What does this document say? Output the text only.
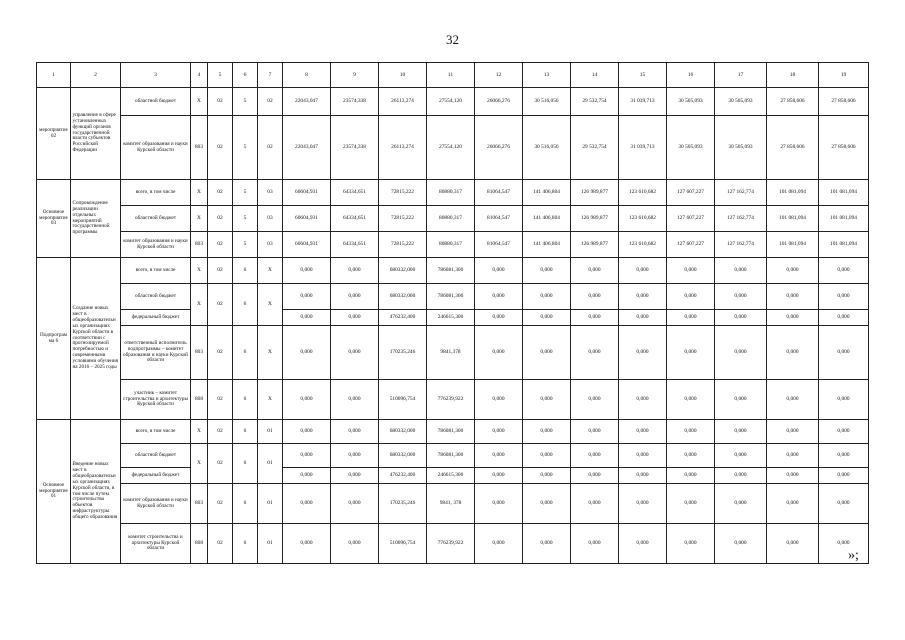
32
1	2	3	4	5	6	7	8	9	10	11	12	13	14	15	16	17	18	19
мероприятие 02	управление в сфере установленных функций органов государственной власти субъектов Российской Федерации	областной бюджет	X	02	5	02	22043,047	23574,338	26113,274	27554,120	26066,276	30 516,056	29 532,754	31 039,713	30 505,093	30 505,093	27 858,606	27 858,606
		комитет образования и науки Курской области	803	02	5	02	22043,047	23574,338	26113,274	27554,120	26066,276	30 516,056	29 532,754	31 039,713	30 505,093	30 505,093	27 858,606	27 858,606
Основное мероприятие 03	Сопровождение реализации отдельных мероприятий государственной программы	всего, в том числе	X	02	5	03	60604,931	64334,651	72815,222	80880,317	81064,547	141 406,804	126 989,877	123 610,682	127 607,227	127 162,774	101 081,094	101 081,094
		областной бюджет	X	02	5	03	60604,931	64334,651	72815,222	80880,317	81064,547	141 406,804	126 989,877	123 610,682	127 607,227	127 162,774	101 081,094	101 081,094
		комитет образования и науки Курской области	803	02	5	03	60604,931	64334,651	72815,222	80880,317	81064,547	141 406,804	126 989,877	123 610,682	127 607,227	127 162,774	101 081,094	101 081,094
Подпрограмма 6	Создание новых мест в общеобразовательных организациях Курской области в соответствии с прогнозируемой потребностью и современными условиями обучения на 2016 – 2025 годы	всего, в том числе	X	02	6	X	0,000	0,000	680332,000	786081,300	0,000	0,000	0,000	0,000	0,000	0,000	0,000	0,000
		областной бюджет	X	02	6	X	0,000	0,000	680332,000	786081,300	0,000	0,000	0,000	0,000	0,000	0,000	0,000	0,000
		федеральный бюджет					0,000	0,000	476232,400	246615,300	0,000	0,000	0,000	0,000	0,000	0,000	0,000	0,000
		ответственный исполнитель подпрограммы – комитет образования и науки Курской области	803	02	6	X	0,000	0,000	170235,246	9841,378	0,000	0,000	0,000	0,000	0,000	0,000	0,000	0,000
		участник – комитет строительства и архитектуры Курской области	808	02	6	X	0,000	0,000	510096,754	776239,922	0,000	0,000	0,000	0,000	0,000	0,000	0,000	0,000
Основное мероприятие 01	Введение новых мест в общеобразовательных организациях Курской области, в том числе путем строительства объектов инфраструктуры общего образования	всего, в том числе	X	02	6	01	0,000	0,000	680332,000	786081,300	0,000	0,000	0,000	0,000	0,000	0,000	0,000	0,000
		областной бюджет	X	02	6	01	0,000	0,000	680332,000	786081,300	0,000	0,000	0,000	0,000	0,000	0,000	0,000	0,000
		федеральный бюджет					0,000	0,000	476232,400	246615,300	0,000	0,000	0,000	0,000	0,000	0,000	0,000	0,000
		комитет образования и науки Курской области	803	02	6	01	0,000	0,000	170235,246	9841, 378	0,000	0,000	0,000	0,000	0,000	0,000	0,000	0,000
		комитет строительства и архитектуры Курской области	808	02	6	01	0,000	0,000	510096,754	776239,922	0,000	0,000	0,000	0,000	0,000	0,000	0,000	0,000
»;
